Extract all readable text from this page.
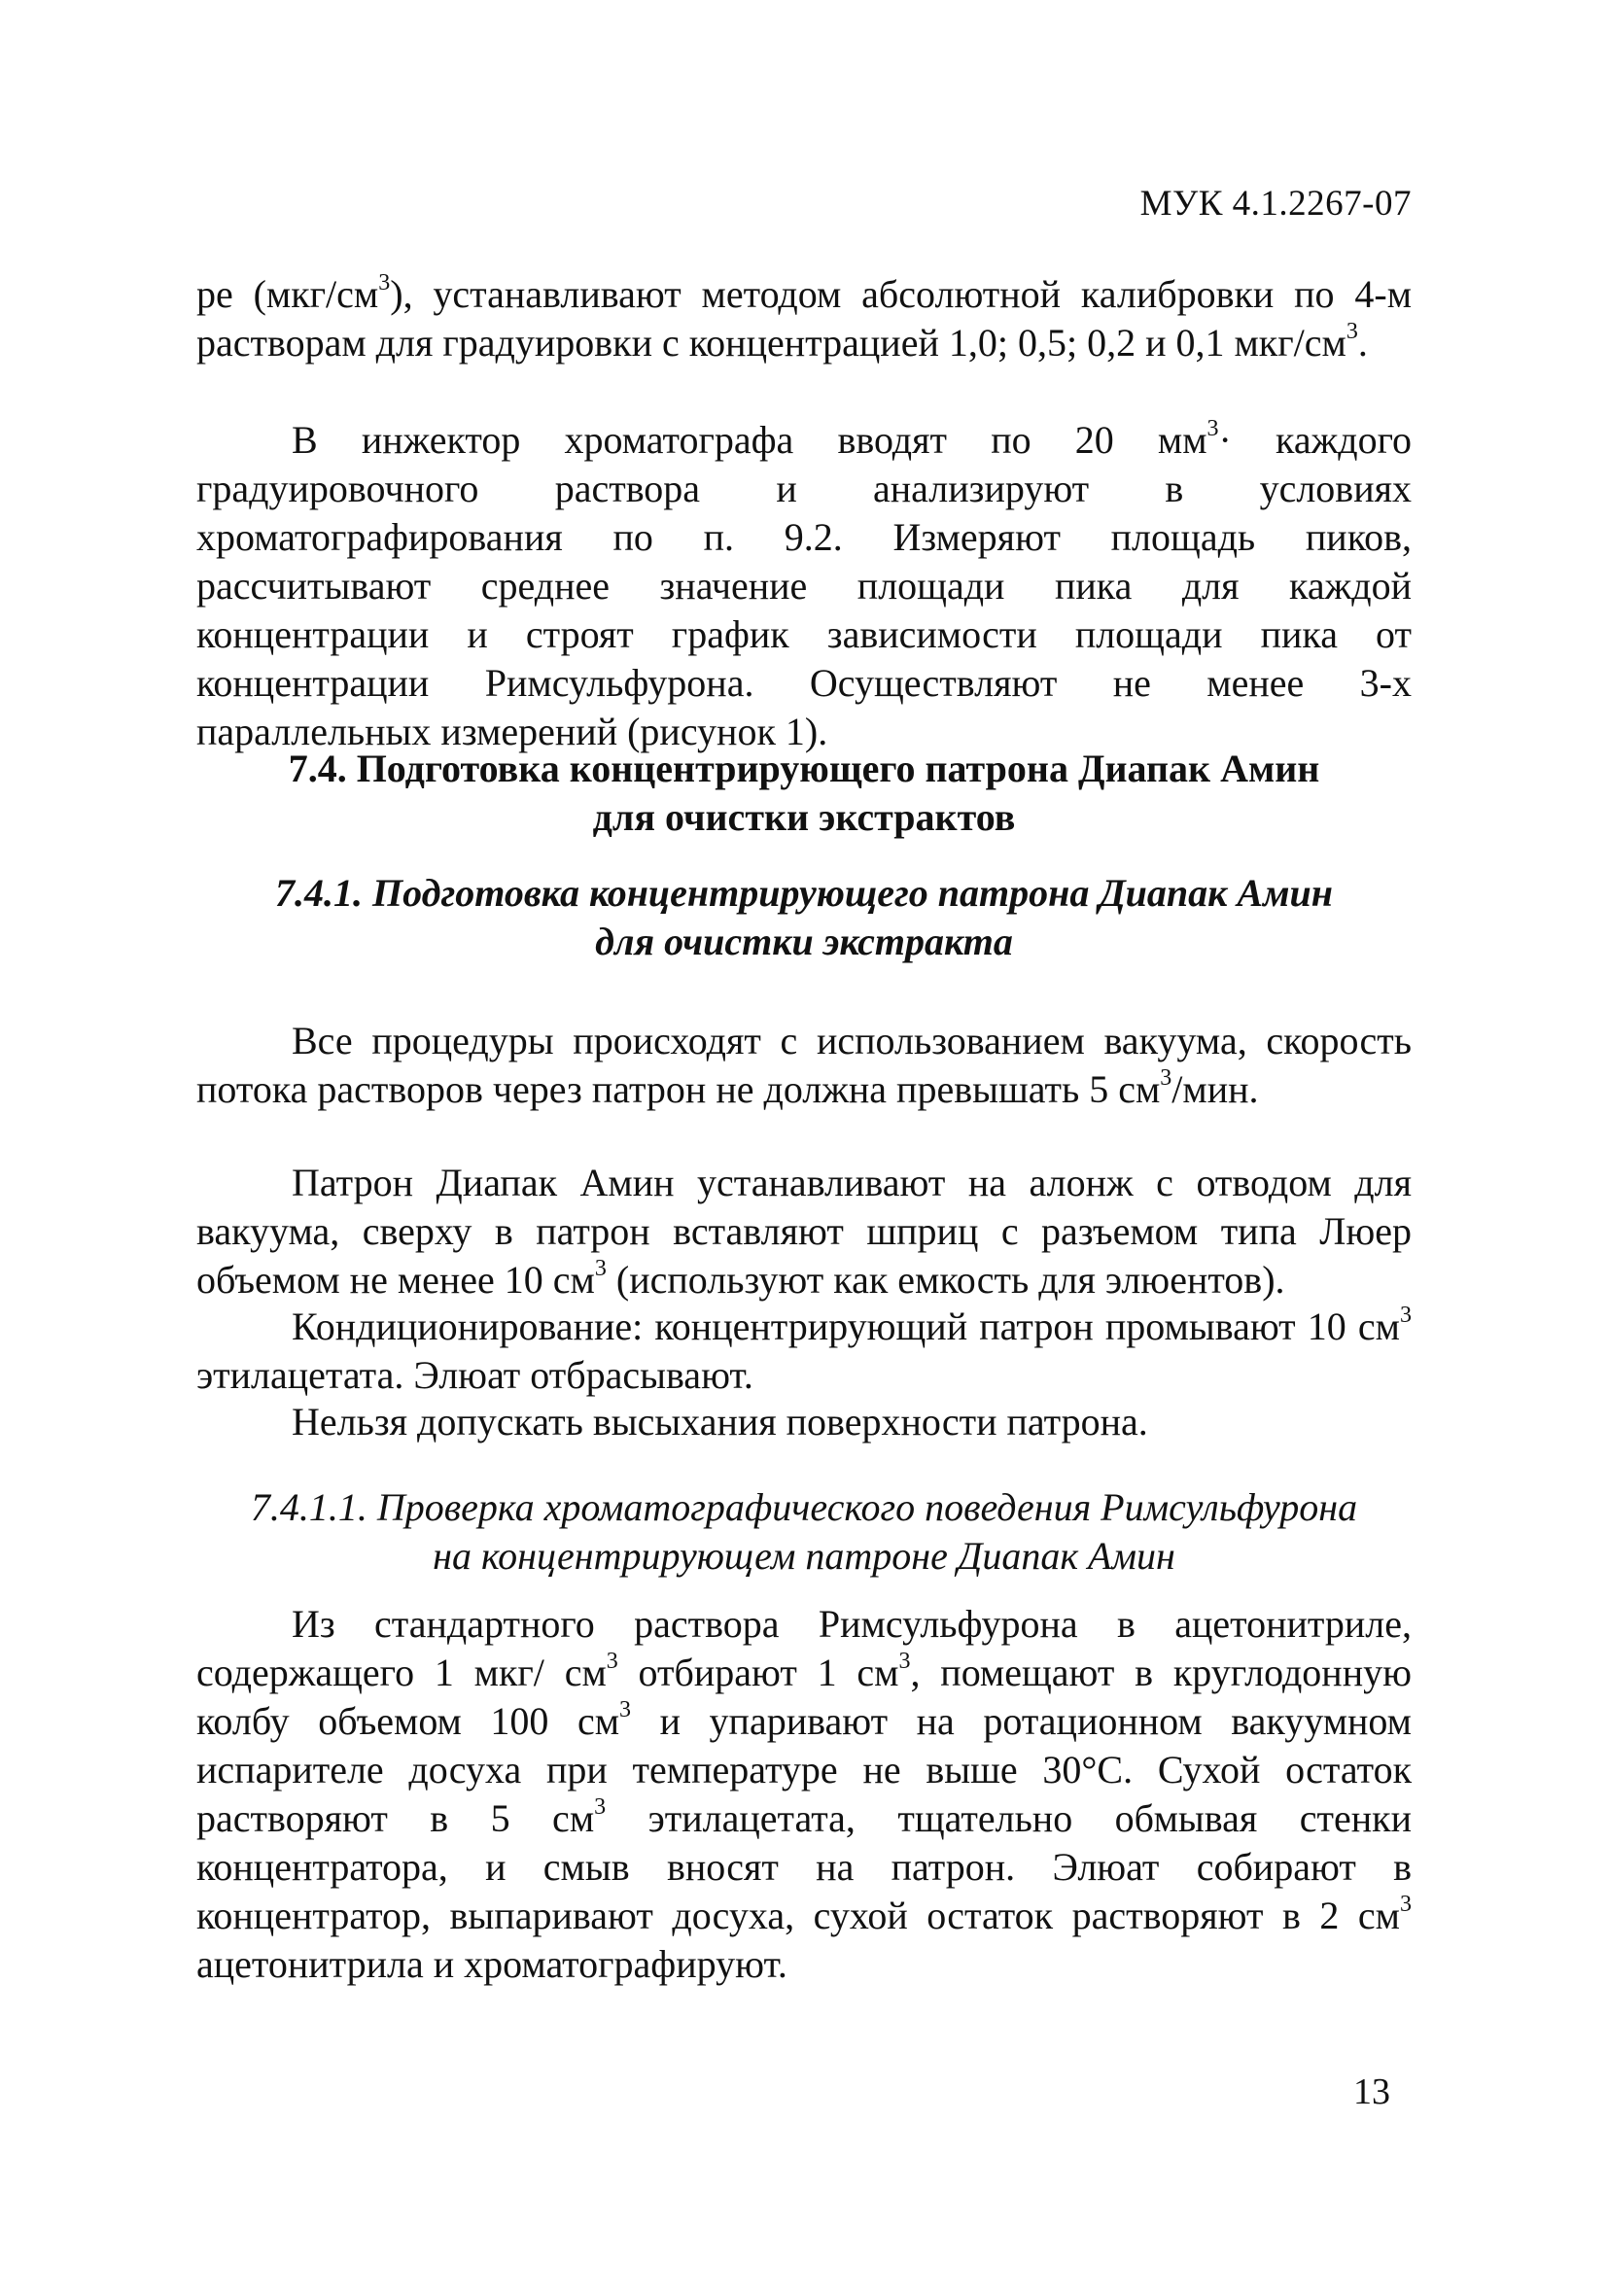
МУК 4.1.2267-07

ре $(мкг/см^3)$, устанавливают методом абсолютной калибровки по 4-м растворам для градуировки с концентрацией 1,0; 0,5; 0,2 и 0,1 мкг/$см^3$.

В инжектор хроматографа вводят по 20 $мм^3\cdot$ каждого градуировочного раствора и анализируют в условиях хроматографирования по п. 9.2. Измеряют площадь пиков, рассчитывают среднее значение площади пика для каждой концентрации и строят график зависимости площади пика от концентрации Римсульфурона. Осуществляют не менее 3-х параллельных измерений (рисунок 1).

7.4. Подготовка концентрирующего патрона Диапак Амин
для очистки экстрактов
7.4.1. Подготовка концентрирующего патрона Диапак Амин
для очистки экстракта

Все процедуры происходят с использованием вакуума, скорость потока растворов через патрон не должна превышать 5 $см^3$/мин.

Патрон Диапак Амин устанавливают на алонж с отводом для вакуума, сверху в патрон вставляют шприц с разъемом типа Люер объемом не менее 10 $см^3$ (используют как емкость для элюентов).

Кондиционирование: концентрирующий патрон промывают 10 $см^3$ этилацетата. Элюат отбрасывают.

Нельзя допускать высыхания поверхности патрона.

7.4.1.1. Проверка хроматографического поведения Римсульфурона
на концентрирующем патроне Диапак Амин

Из стандартного раствора Римсульфурона в ацетонитриле, содержащего 1 мкг/ $см^3$ отбирают 1 $см^3$, помещают в круглодонную колбу объемом 100 $см^3$ и упаривают на ротационном вакуумном испарителе досуха при температуре не выше 30°С. Сухой остаток растворяют в 5 $см^3$ этилацетата, тщательно обмывая стенки концентратора, и смыв вносят на патрон. Элюат собирают в концентратор, выпаривают досуха, сухой остаток растворяют в 2 $см^3$ ацетонитрила и хроматографируют.

13
